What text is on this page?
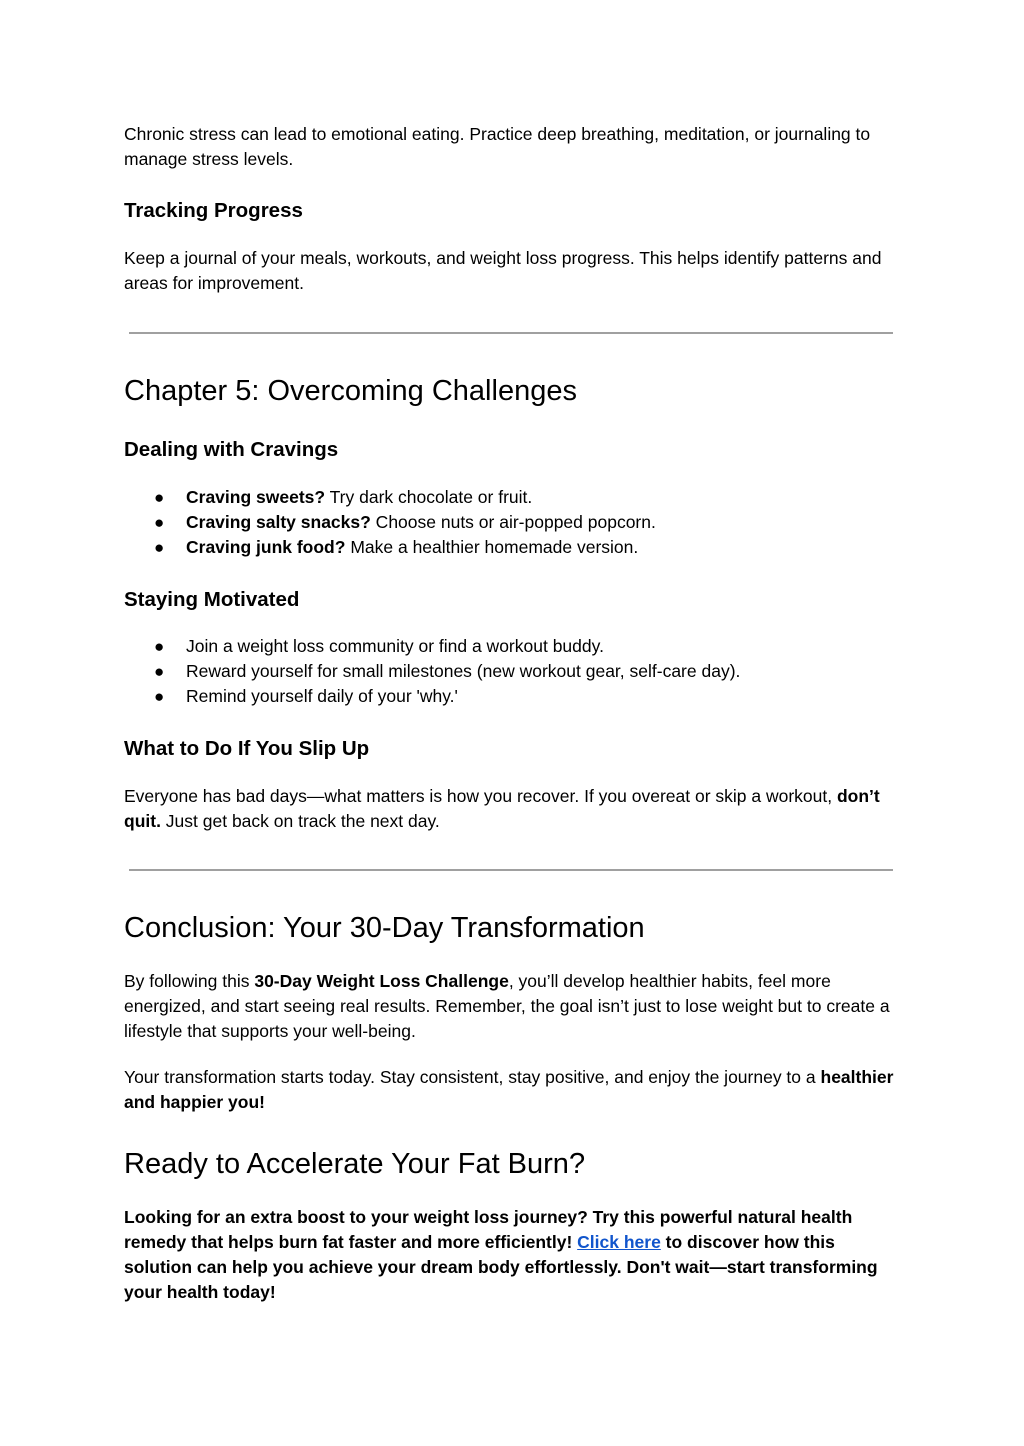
Chronic stress can lead to emotional eating. Practice deep breathing, meditation, or journaling to manage stress levels.

Tracking Progress

Keep a journal of your meals, workouts, and weight loss progress. This helps identify patterns and areas for improvement.

Chapter 5: Overcoming Challenges
Dealing with Cravings
● Craving sweets? Try dark chocolate or fruit.
● Craving salty snacks? Choose nuts or air-popped popcorn.
● Craving junk food? Make a healthier homemade version.
Staying Motivated
● Join a weight loss community or find a workout buddy.
● Reward yourself for small milestones (new workout gear, self-care day).
● Remind yourself daily of your 'why.'
What to Do If You Slip Up

Everyone has bad days—what matters is how you recover. If you overeat or skip a workout, don’t quit. Just get back on track the next day.

Conclusion: Your 30-Day Transformation

By following this 30-Day Weight Loss Challenge, you’ll develop healthier habits, feel more energized, and start seeing real results. Remember, the goal isn’t just to lose weight but to create a lifestyle that supports your well-being.

Your transformation starts today. Stay consistent, stay positive, and enjoy the journey to a healthier and happier you!

Ready to Accelerate Your Fat Burn?

Looking for an extra boost to your weight loss journey? Try this powerful natural health remedy that helps burn fat faster and more efficiently! Click here to discover how this solution can help you achieve your dream body effortlessly. Don't wait—start transforming your health today!
